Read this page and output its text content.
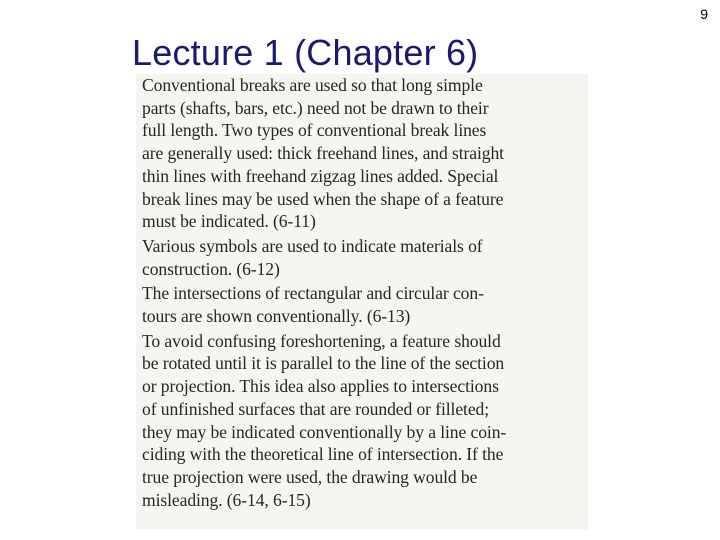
9
Lecture 1 (Chapter 6)

Conventional breaks are used so that long simple
parts (shafts, bars, etc.) need not be drawn to their
full length. Two types of conventional break lines
are generally used: thick freehand lines, and straight
thin lines with freehand zigzag lines added. Special
break lines may be used when the shape of a feature
must be indicated. (6-11)

Various symbols are used to indicate materials of
construction. (6-12)

The intersections of rectangular and circular con-
tours are shown conventionally. (6-13)

To avoid confusing foreshortening, a feature should
be rotated until it is parallel to the line of the section
or projection. This idea also applies to intersections
of unfinished surfaces that are rounded or filleted;
they may be indicated conventionally by a line coin-
ciding with the theoretical line of intersection. If the
true projection were used, the drawing would be
misleading. (6-14, 6-15)
